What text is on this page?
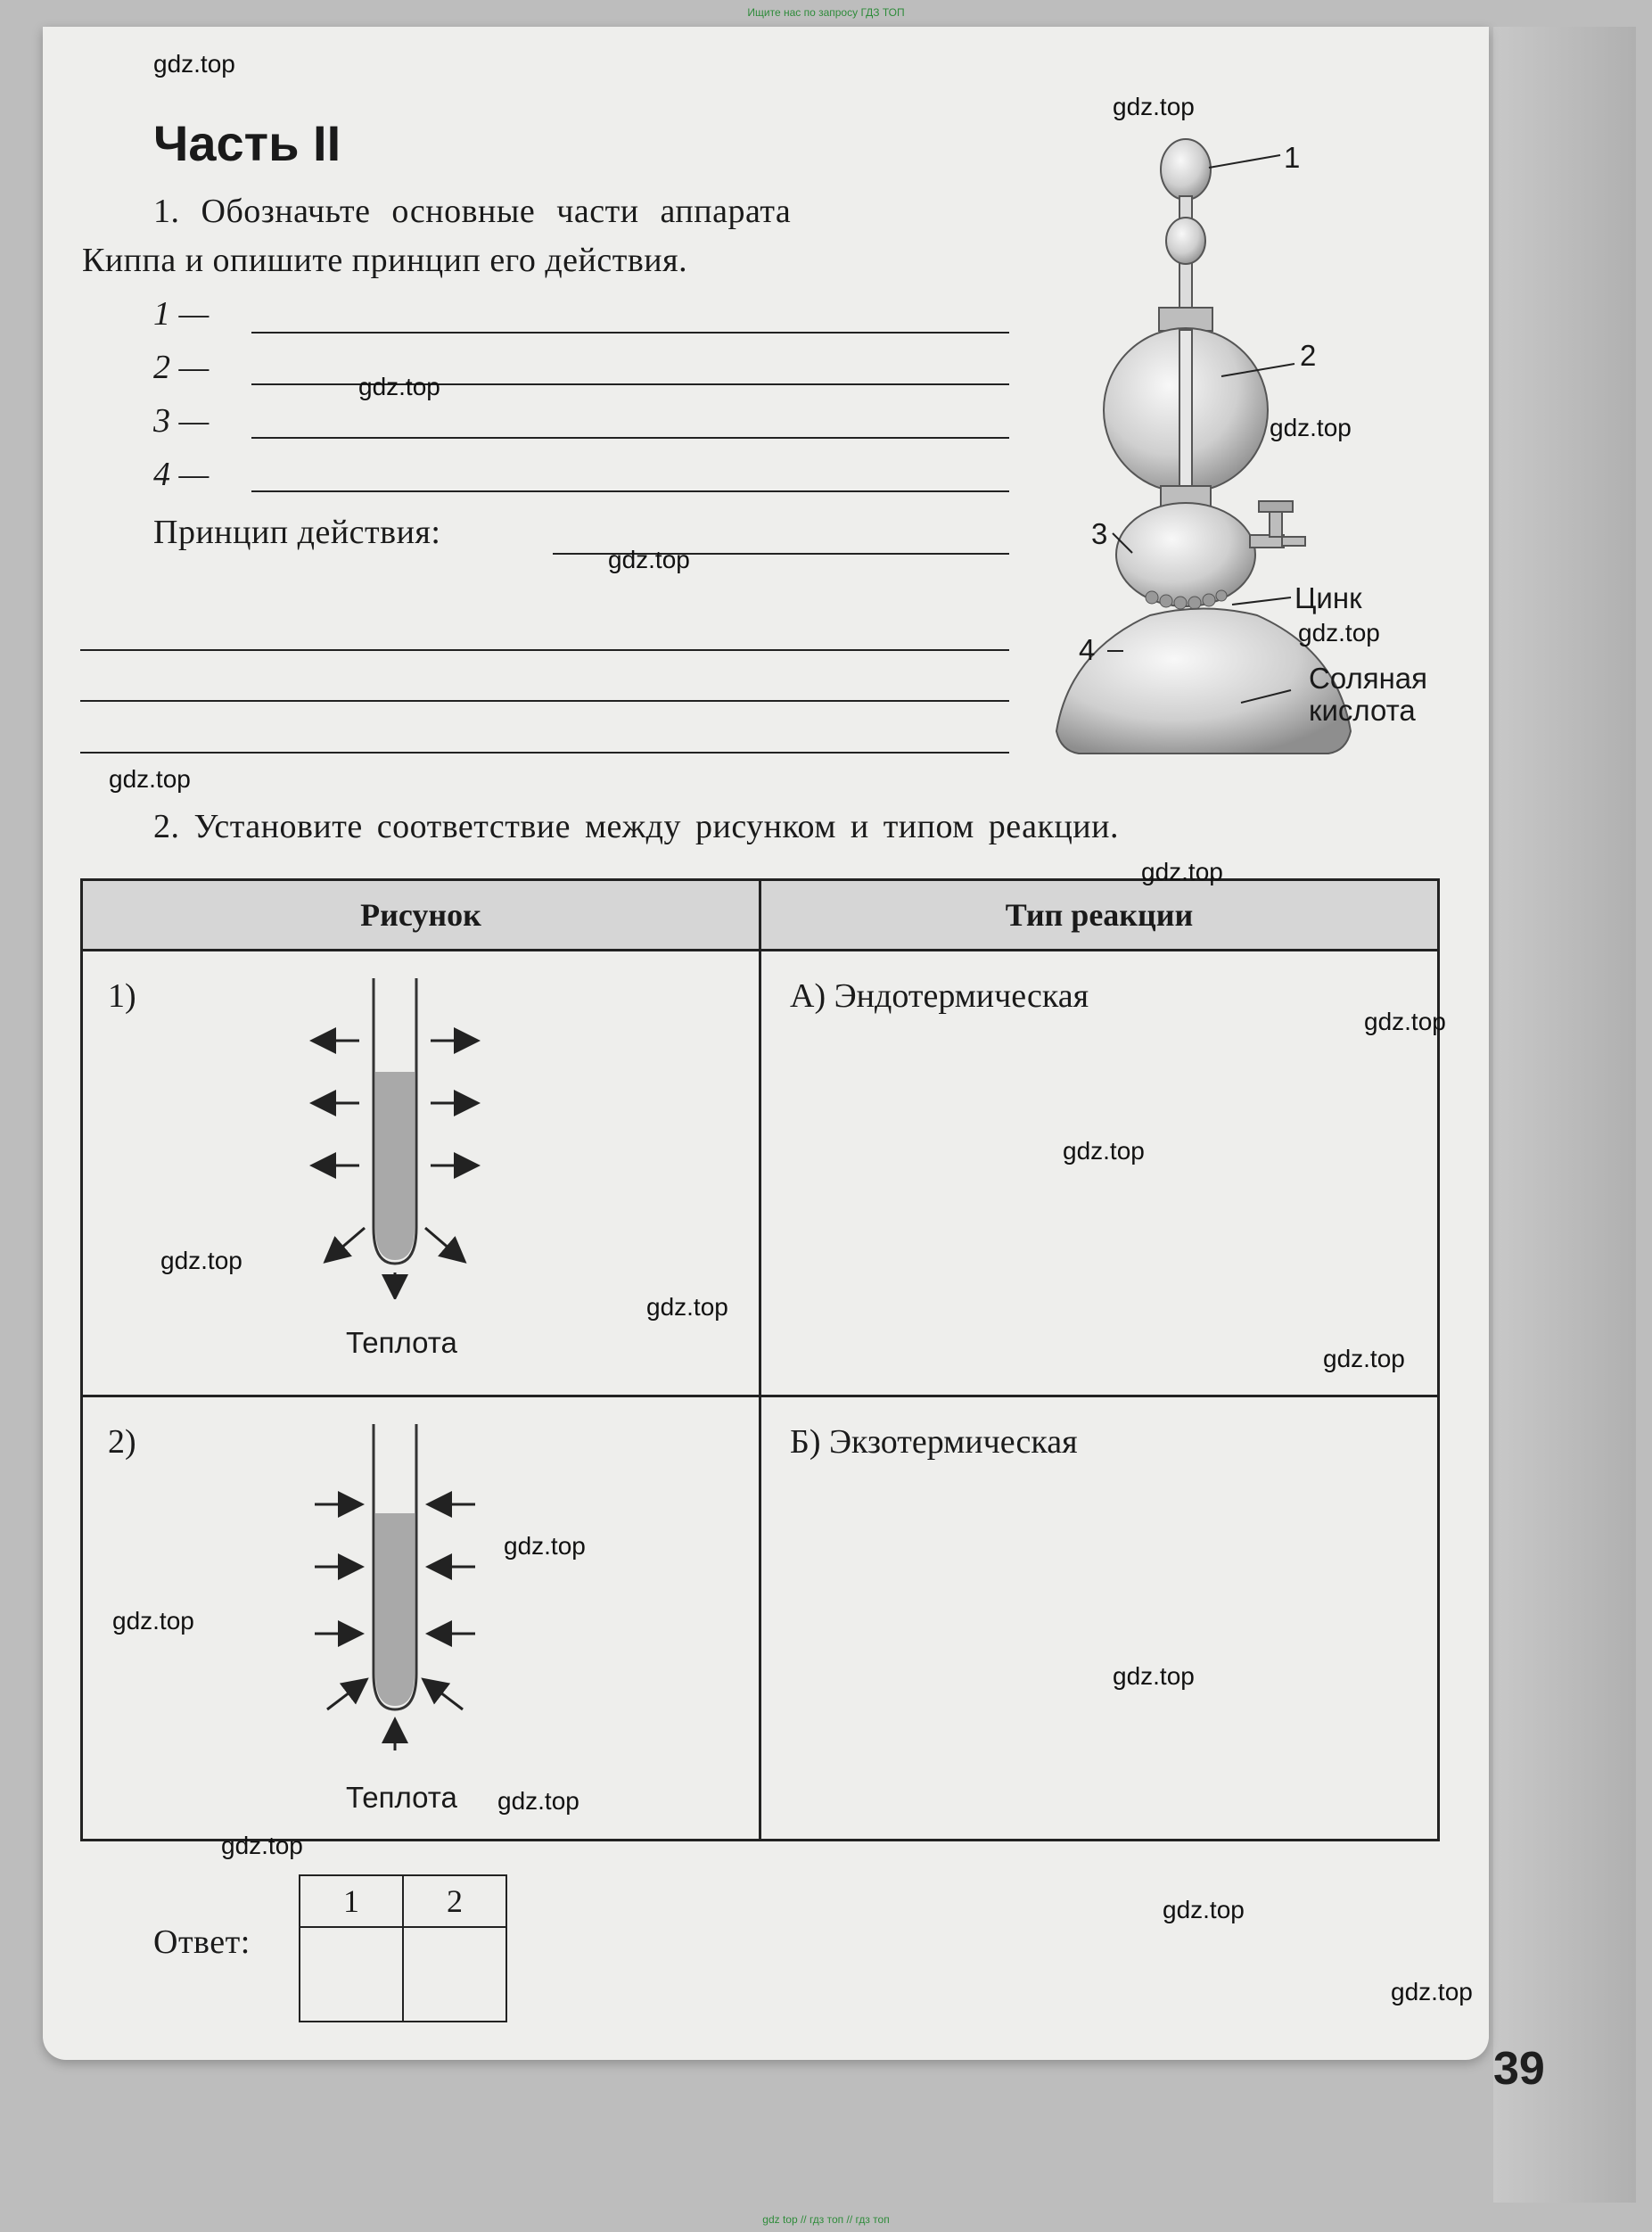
Ищите нас по запросу ГДЗ ТОП
Часть II
1. Обозначьте основные части аппарата
Киппа и опишите принцип его действия.
1 —
2 —
3 —
4 —
Принцип действия:
1
2
3
Цинк
4
Соляная
кислота
2. Установите соответствие между рисунком и типом реакции.
Рисунок	Тип реакции

1)
Теплота	А) Эндотермическая

2)
Теплота	Б) Экзотермическая
Ответ:
1	2

39
gdz.top
gdz.top
gdz.top
gdz.top
gdz.top
gdz.top
gdz.top
gdz.top
gdz.top
gdz.top
gdz.top
gdz.top
gdz.top
gdz.top
gdz.top
gdz.top
gdz.top
gdz.top
gdz.top
gdz.top
gdz top // гдз топ // гдз топ
